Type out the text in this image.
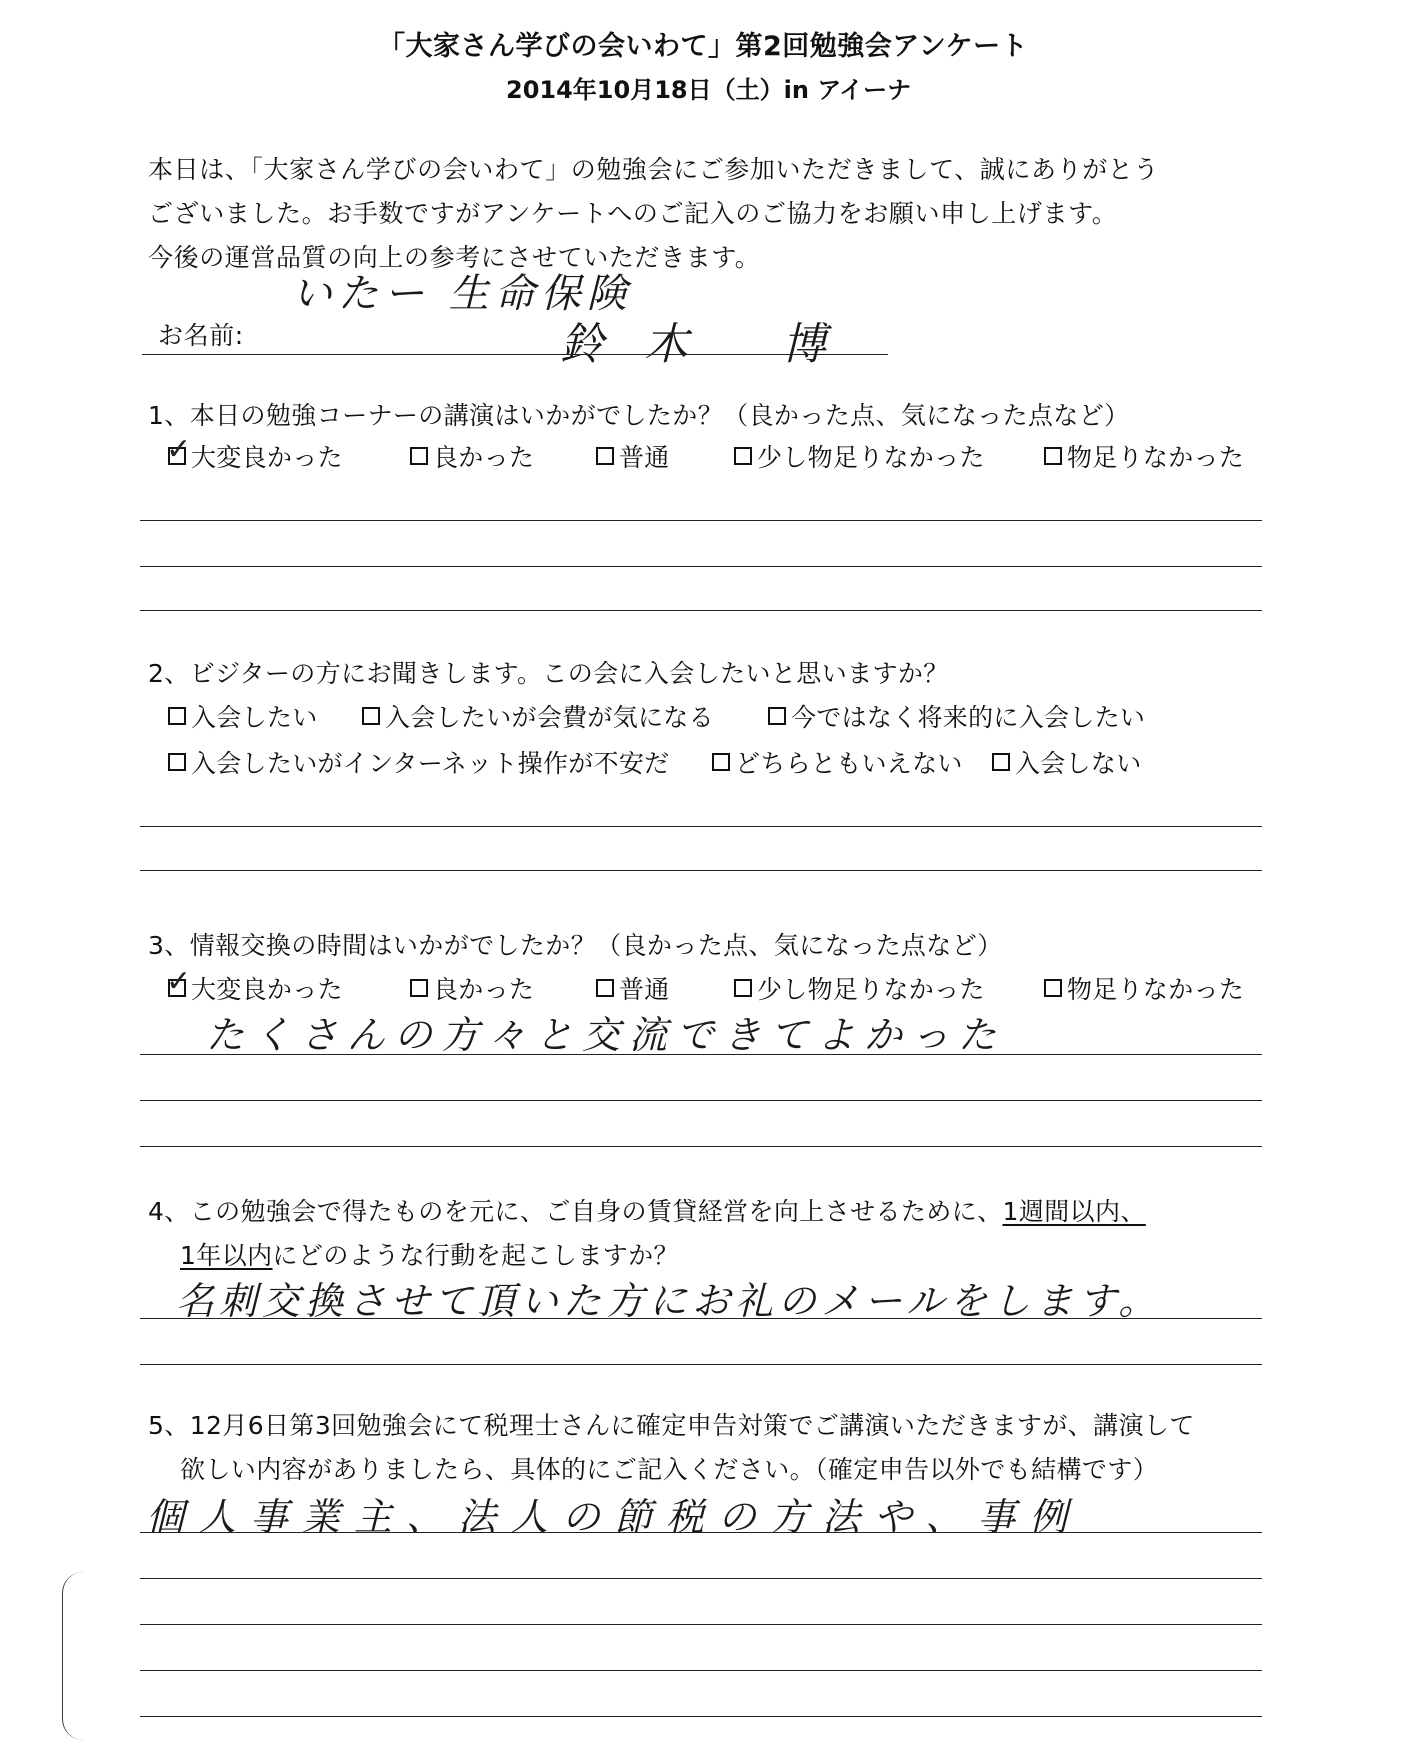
「大家さん学びの会いわて」第2回勉強会アンケート
2014年10月18日（土）in アイーナ
本日は、「大家さん学びの会いわて」の勉強会にご参加いただきまして、誠にありがとう
ございました。お手数ですがアンケートへのご記入のご協力をお願い申し上げます。
今後の運営品質の向上の参考にさせていただきます。
お名前:
いたー 生命保険
鈴木 博
1、本日の勉強コーナーの講演はいかがでしたか？（良かった点、気になった点など）
✓ 大変良かった	良かった	普通	少し物足りなかった	物足りなかった
2、ビジターの方にお聞きします。この会に入会したいと思いますか？
入会したい	入会したいが会費が気になる	今ではなく将来的に入会したい
入会したいがインターネット操作が不安だ	どちらともいえない 入会しない
3、情報交換の時間はいかがでしたか？（良かった点、気になった点など）
✓ 大変良かった	良かった	普通	少し物足りなかった	物足りなかった
たくさんの方々と交流できてよかった
4、この勉強会で得たものを元に、ご自身の賃貸経営を向上させるために、1週間以内、
1年以内にどのような行動を起こしますか？
名刺交換させて頂いた方にお礼のメールをします。
5、12月6日第3回勉強会にて税理士さんに確定申告対策でご講演いただきますが、講演して
欲しい内容がありましたら、具体的にご記入ください。（確定申告以外でも結構です）
個人事業主、法人の節税の方法や、事例
